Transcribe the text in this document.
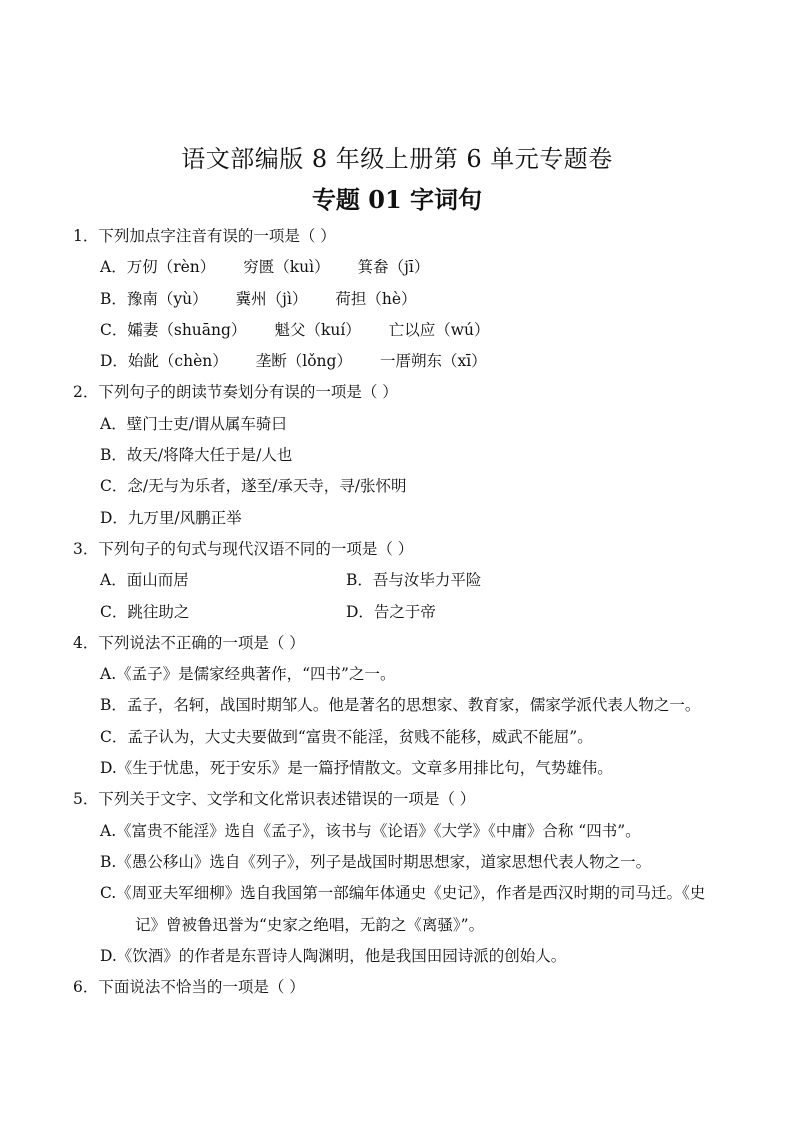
语文部编版 8 年级上册第 6 单元专题卷
专题 01 字词句
1．下列加点字注音有误的一项是（ ）
A．万仞（rèn） 穷匮（kuì） 箕畚（jī）
B．豫南（yù） 冀州（jì） 荷担（hè）
C．孀妻（shuāng） 魁父（kuí） 亡以应（wú）
D．始龀（chèn） 垄断（lǒng） 一厝朔东（xī）
2．下列句子的朗读节奏划分有误的一项是（ ）
A．壁门士吏/谓从属车骑曰
B．故天/将降大任于是/人也
C．念/无与为乐者，遂至/承天寺，寻/张怀明
D．九万里/风鹏正举
3．下列句子的句式与现代汉语不同的一项是（ ）
A．面山而居	B．吾与汝毕力平险
C．跳往助之	D．告之于帝
4．下列说法不正确的一项是（ ）
A.《孟子》是儒家经典著作，“四书”之一。
B．孟子，名轲，战国时期邹人。他是著名的思想家、教育家，儒家学派代表人物之一。
C．孟子认为，大丈夫要做到“富贵不能淫，贫贱不能移，威武不能屈”。
D.《生于忧患，死于安乐》是一篇抒情散文。文章多用排比句，气势雄伟。
5．下列关于文字、文学和文化常识表述错误的一项是（ ）
A.《富贵不能淫》选自《孟子》，该书与《论语》《大学》《中庸》合称 “四书”。
B.《愚公移山》选自《列子》，列子是战国时期思想家，道家思想代表人物之一。
C.《周亚夫军细柳》选自我国第一部编年体通史《史记》，作者是西汉时期的司马迁。《史
记》曾被鲁迅誉为“史家之绝唱，无韵之《离骚》”。
D.《饮酒》的作者是东晋诗人陶渊明，他是我国田园诗派的创始人。
6．下面说法不恰当的一项是（ ）
